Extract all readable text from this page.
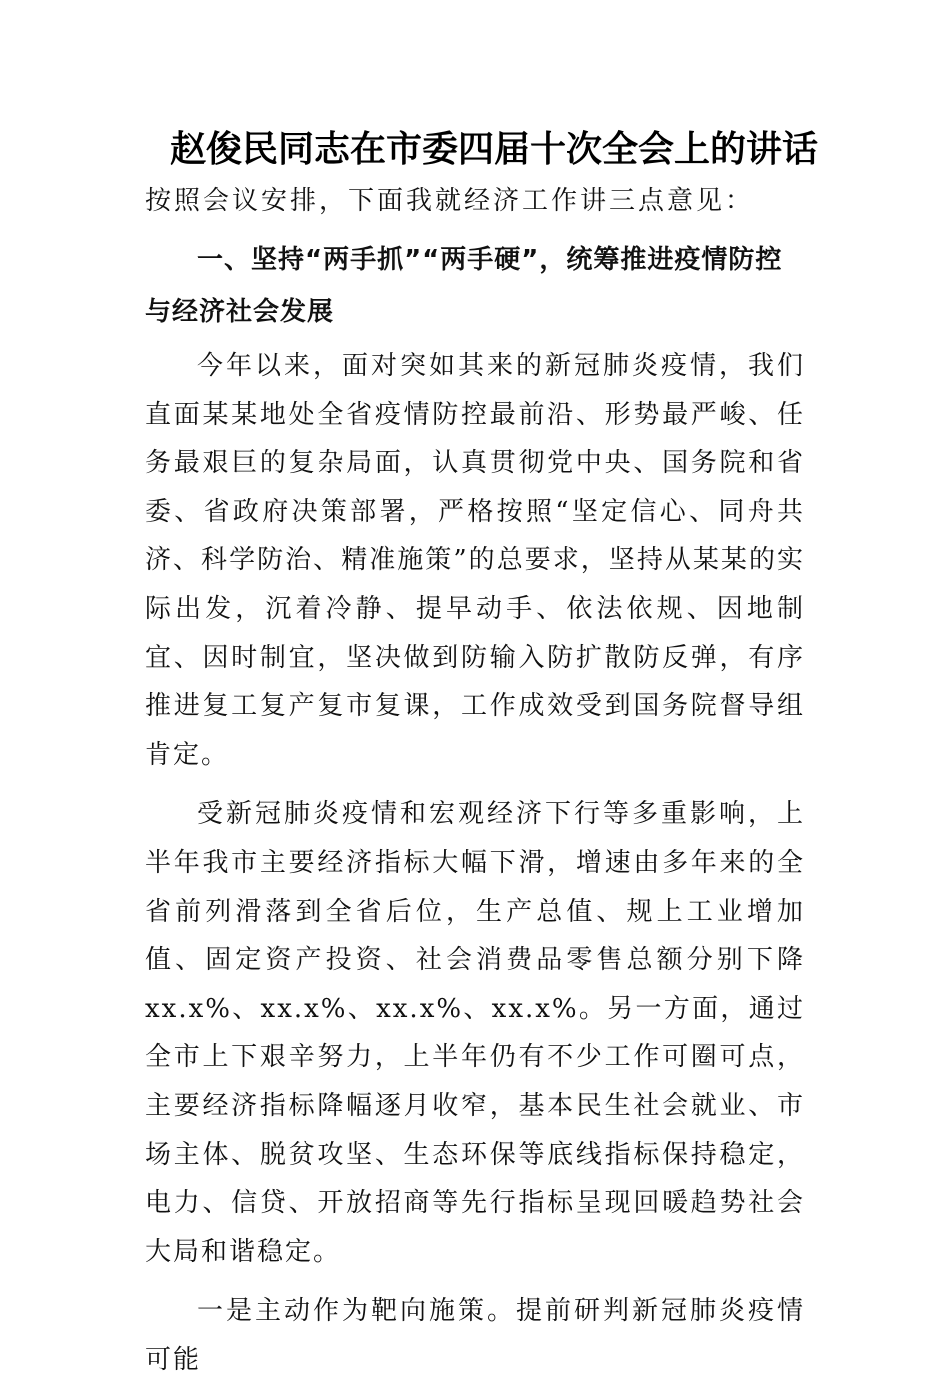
赵俊民同志在市委四届十次全会上的讲话

按照会议安排，下面我就经济工作讲三点意见：

一、坚持“两手抓”“两手硬”，统筹推进疫情防控与经济社会发展

今年以来，面对突如其来的新冠肺炎疫情，我们直面某某地处全省疫情防控最前沿、形势最严峻、任务最艰巨的复杂局面，认真贯彻党中央、国务院和省委、省政府决策部署，严格按照“坚定信心、同舟共济、科学防治、精准施策”的总要求，坚持从某某的实际出发，沉着冷静、提早动手、依法依规、因地制宜、因时制宜，坚决做到防输入防扩散防反弹，有序推进复工复产复市复课，工作成效受到国务院督导组肯定。

受新冠肺炎疫情和宏观经济下行等多重影响，上半年我市主要经济指标大幅下滑，增速由多年来的全省前列滑落到全省后位，生产总值、规上工业增加值、固定资产投资、社会消费品零售总额分别下降xx.x%、xx.x%、xx.x%、xx.x%。另一方面，通过全市上下艰辛努力，上半年仍有不少工作可圈可点，主要经济指标降幅逐月收窄，基本民生社会就业、市场主体、脱贫攻坚、生态环保等底线指标保持稳定，电力、信贷、开放招商等先行指标呈现回暖趋势社会大局和谐稳定。

一是主动作为靶向施策。提前研判新冠肺炎疫情可能
